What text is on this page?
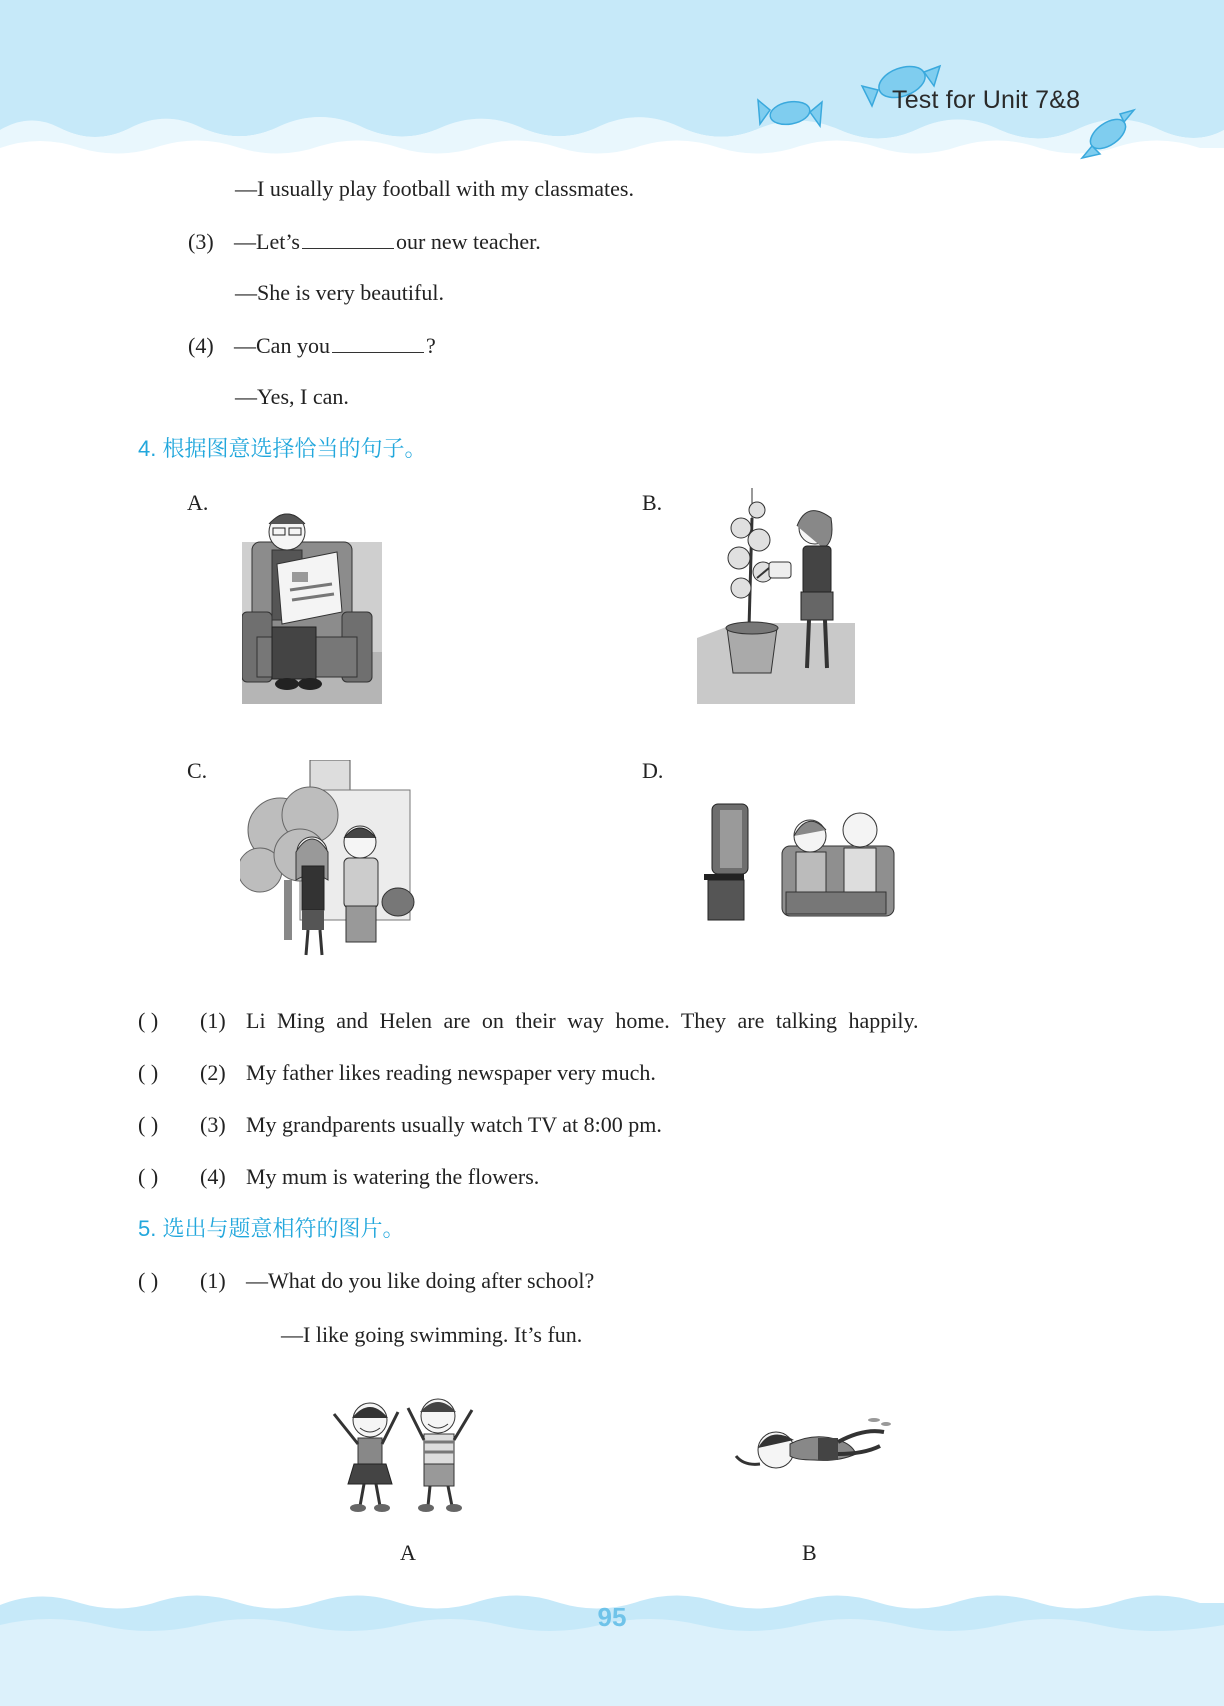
Test for Unit 7&8
—I usually play football with my classmates.
(3) —Let’s	our new teacher.
—She is very beautiful.
(4) —Can you	?
—Yes, I can.
4. 根据图意选择恰当的句子。
A.	B.
C.	D.
( ) (1) Li Ming and Helen are on their way home. They are talking happily.
( ) (2) My father likes reading newspaper very much.
( ) (3) My grandparents usually watch TV at 8:00 pm.
( ) (4) My mum is watering the flowers.
5. 选出与题意相符的图片。
( ) (1) —What do you like doing after school?
—I like going swimming. It’s fun.
A	B
95
